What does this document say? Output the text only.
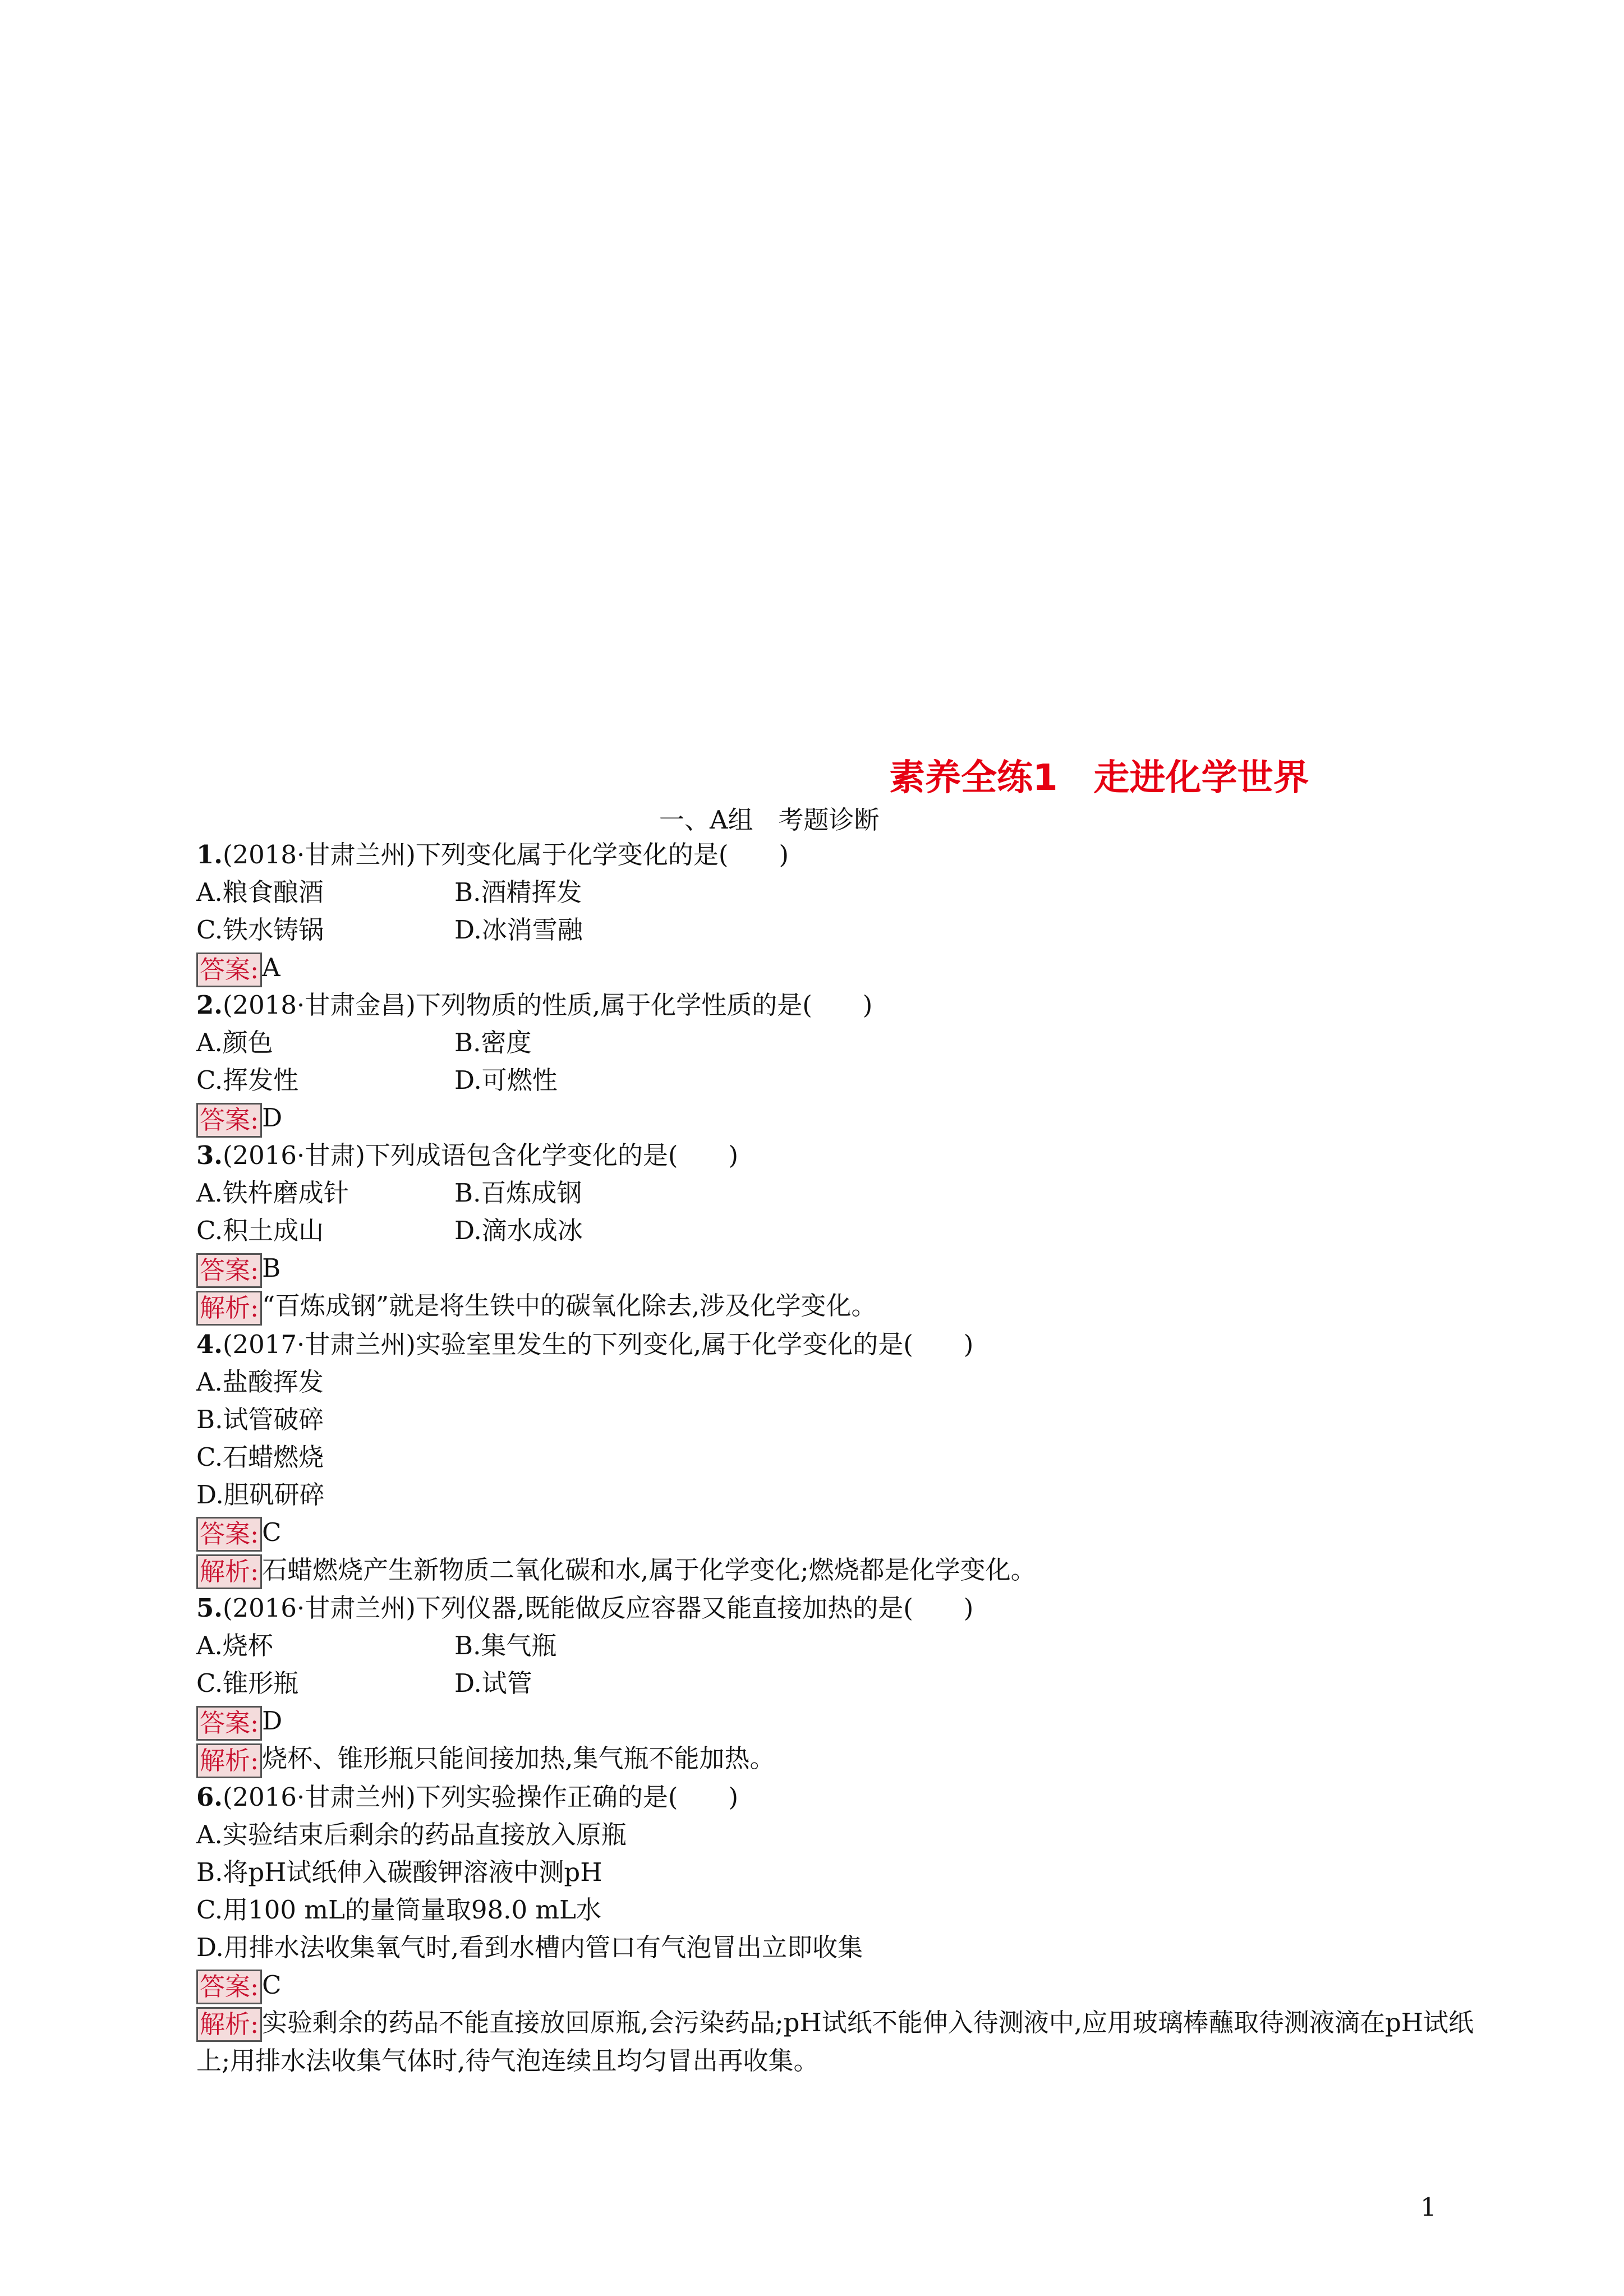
素养全练1　走进化学世界
一、A组　考题诊断
1.(2018·甘肃兰州)下列变化属于化学变化的是(　　)
A.粮食酿酒	B.酒精挥发
C.铁水铸锅	D.冰消雪融
答案: A
2.(2018·甘肃金昌)下列物质的性质,属于化学性质的是(　　)
A.颜色	B.密度
C.挥发性	D.可燃性
答案: D
3.(2016·甘肃)下列成语包含化学变化的是(　　)
A.铁杵磨成针	B.百炼成钢
C.积土成山	D.滴水成冰
答案: B
解析: “百炼成钢”就是将生铁中的碳氧化除去,涉及化学变化。
4.(2017·甘肃兰州)实验室里发生的下列变化,属于化学变化的是(　　)
A.盐酸挥发
B.试管破碎
C.石蜡燃烧
D.胆矾研碎
答案: C
解析: 石蜡燃烧产生新物质二氧化碳和水,属于化学变化;燃烧都是化学变化。
5.(2016·甘肃兰州)下列仪器,既能做反应容器又能直接加热的是(　　)
A.烧杯	B.集气瓶
C.锥形瓶	D.试管
答案: D
解析: 烧杯、锥形瓶只能间接加热,集气瓶不能加热。
6.(2016·甘肃兰州)下列实验操作正确的是(　　)
A.实验结束后剩余的药品直接放入原瓶
B.将pH试纸伸入碳酸钾溶液中测pH
C.用100 mL的量筒量取98.0 mL水
D.用排水法收集氧气时,看到水槽内管口有气泡冒出立即收集
答案: C
解析: 实验剩余的药品不能直接放回原瓶,会污染药品;pH试纸不能伸入待测液中,应用玻璃棒蘸取待测液滴在pH试纸上;用排水法收集气体时,待气泡连续且均匀冒出再收集。
1
